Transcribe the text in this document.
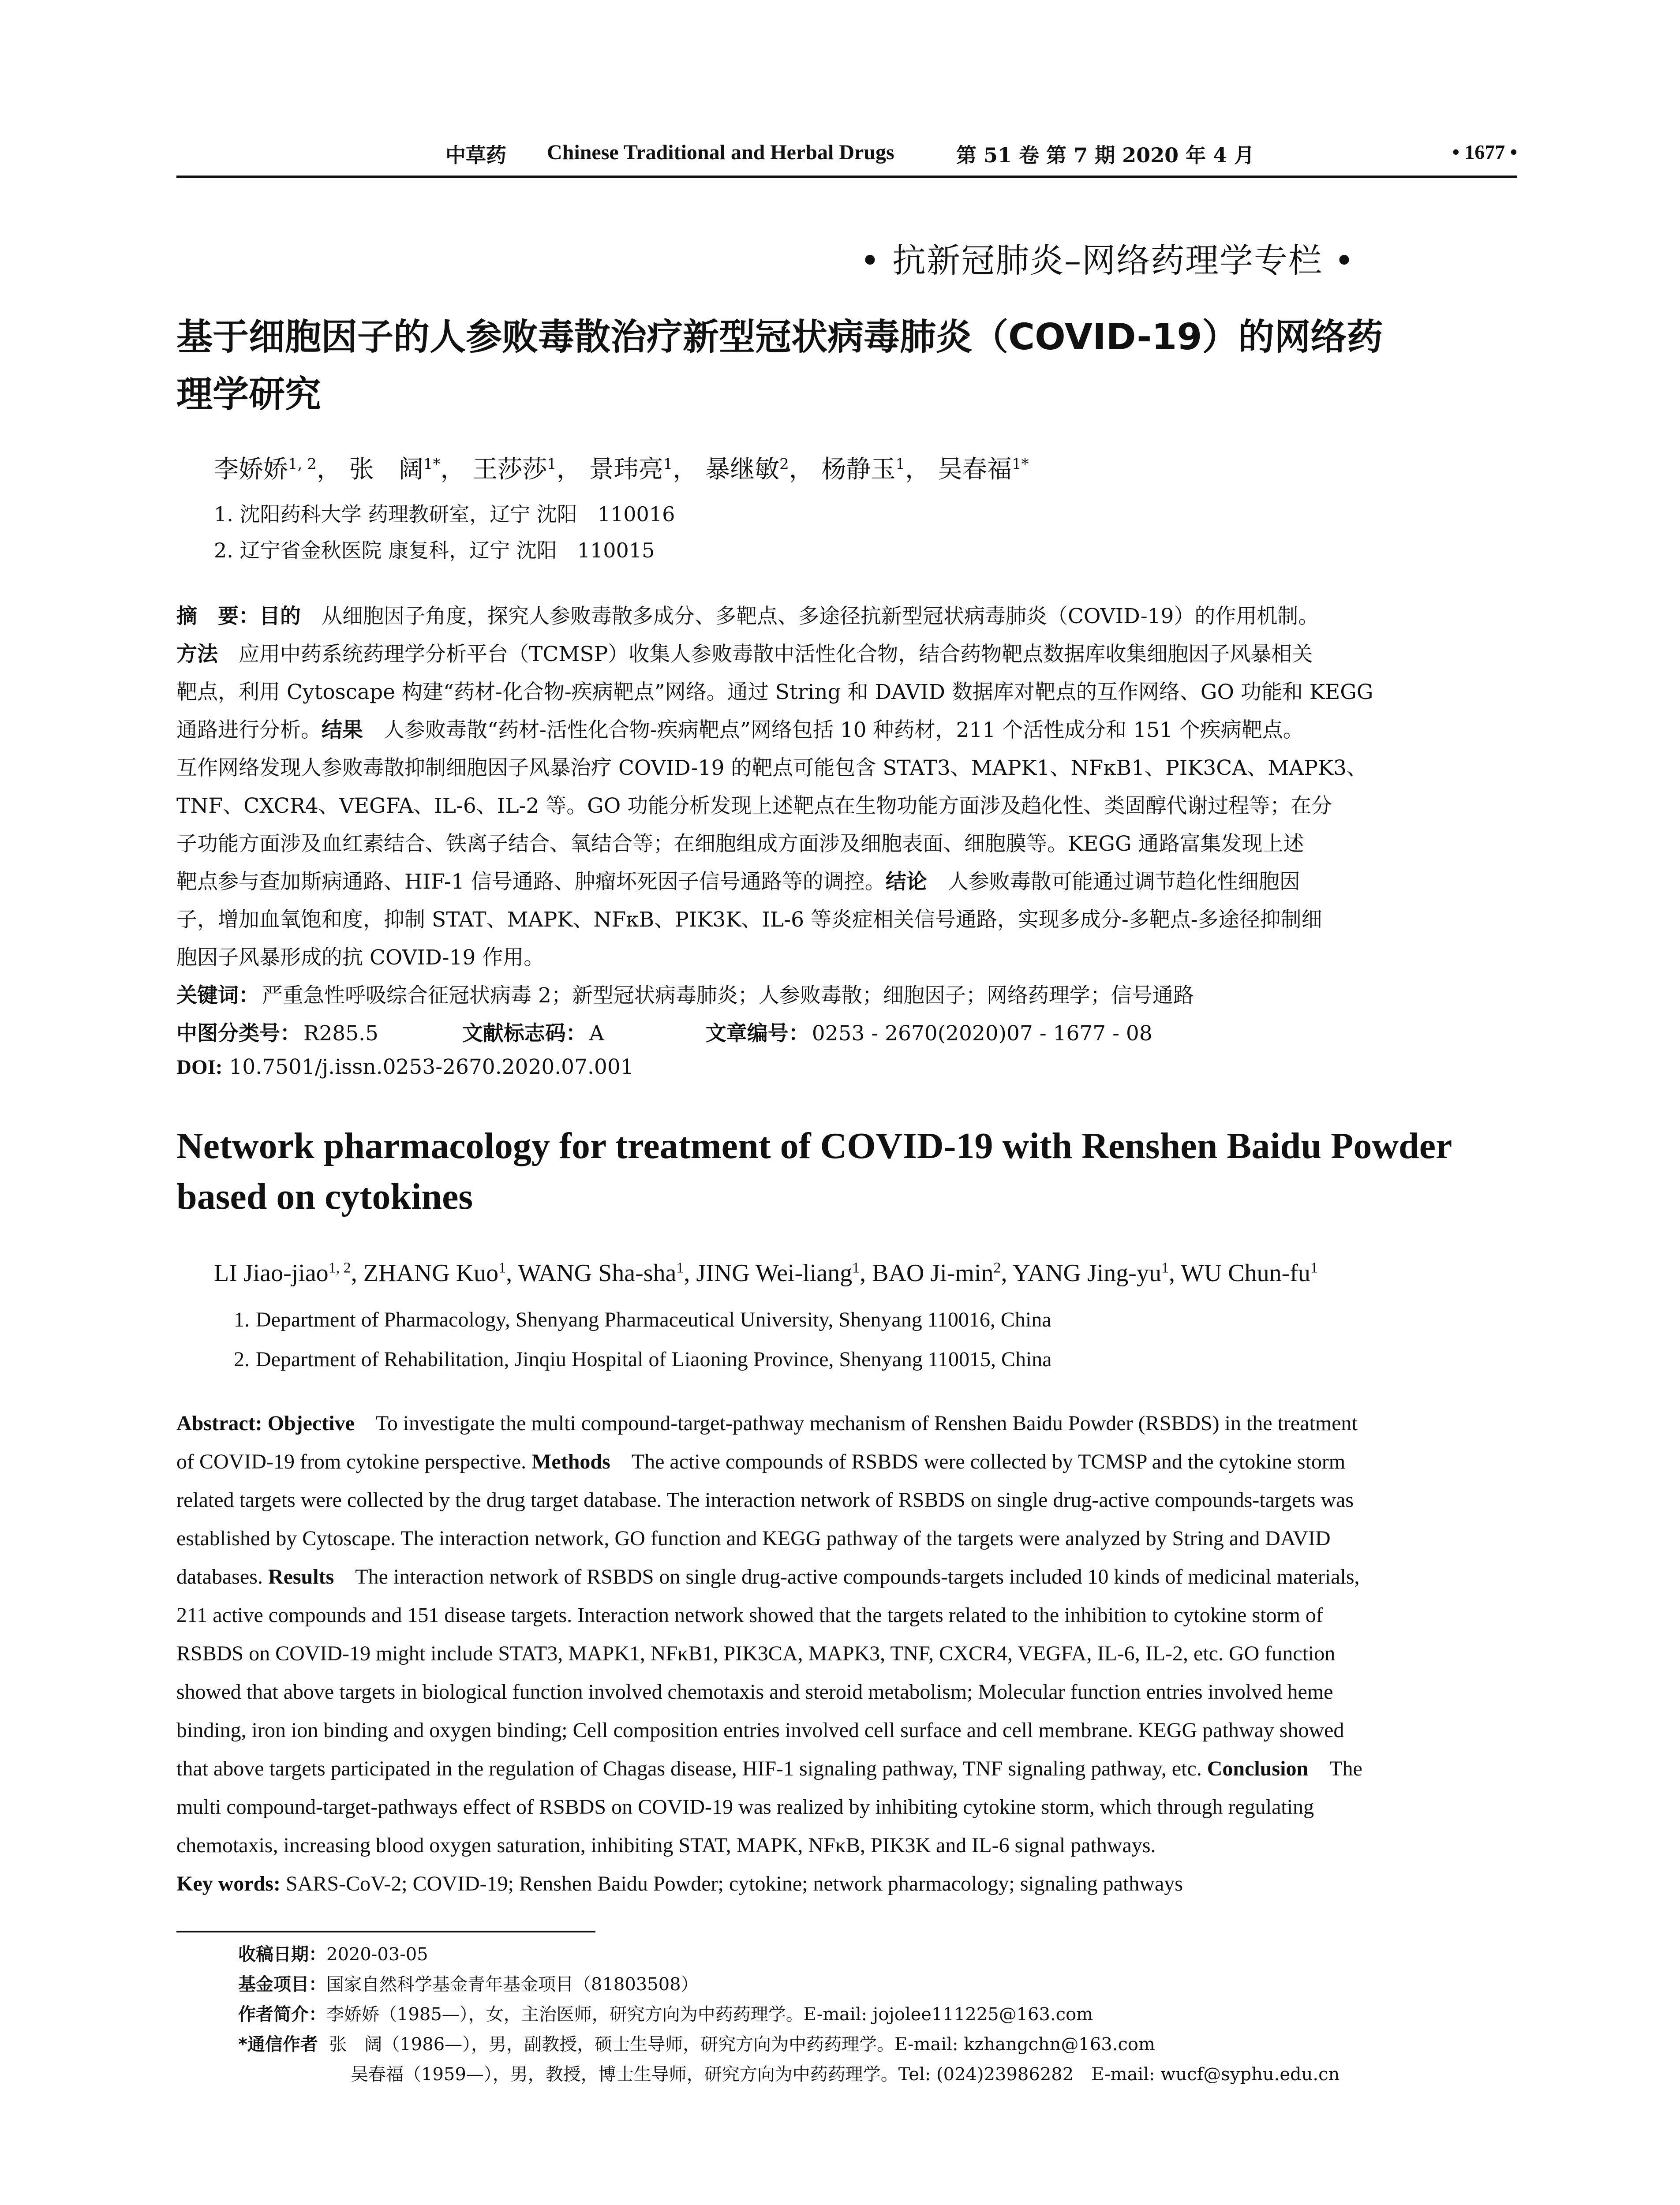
中草药 Chinese Traditional and Herbal Drugs	第 51 卷 第 7 期 2020 年 4 月	• 1677 •
• 抗新冠肺炎–网络药理学专栏 •
基于细胞因子的人参败毒散治疗新型冠状病毒肺炎（COVID-19）的网络药
理学研究
李娇娇$^{1, 2}$， 张　阔$^{1*}$， 王莎莎$^1$， 景玮亮$^1$， 暴继敏$^2$， 杨静玉$^1$， 吴春福$^{1*}$
1. 沈阳药科大学 药理教研室，辽宁 沈阳　110016
2. 辽宁省金秋医院 康复科，辽宁 沈阳　110015
摘　要：目的　 从细胞因子角度，探究人参败毒散多成分、多靶点、多途径抗新型冠状病毒肺炎（COVID-19）的作用机制。
方法　 应用中药系统药理学分析平台（TCMSP）收集人参败毒散中活性化合物，结合药物靶点数据库收集细胞因子风暴相关
靶点，利用 Cytoscape 构建“药材-化合物-疾病靶点”网络。通过 String 和 DAVID 数据库对靶点的互作网络、GO 功能和 KEGG
通路进行分析。结果　 人参败毒散“药材-活性化合物-疾病靶点”网络包括 10 种药材，211 个活性成分和 151 个疾病靶点。
互作网络发现人参败毒散抑制细胞因子风暴治疗 COVID-19 的靶点可能包含 STAT3、MAPK1、NFκB1、PIK3CA、MAPK3、
TNF、CXCR4、VEGFA、IL-6、IL-2 等。GO 功能分析发现上述靶点在生物功能方面涉及趋化性、类固醇代谢过程等；在分
子功能方面涉及血红素结合、铁离子结合、氧结合等；在细胞组成方面涉及细胞表面、细胞膜等。KEGG 通路富集发现上述
靶点参与查加斯病通路、HIF-1 信号通路、肿瘤坏死因子信号通路等的调控。结论　 人参败毒散可能通过调节趋化性细胞因
子，增加血氧饱和度，抑制 STAT、MAPK、NFκB、PIK3K、IL-6 等炎症相关信号通路，实现多成分-多靶点-多途径抑制细
胞因子风暴形成的抗 COVID-19 作用。
关键词： 严重急性呼吸综合征冠状病毒 2；新型冠状病毒肺炎；人参败毒散；细胞因子；网络药理学；信号通路
中图分类号： R285.5	文献标志码： A	文章编号： 0253 - 2670(2020)07 - 1677 - 08
DOI: 10.7501/j.issn.0253-2670.2020.07.001
Network pharmacology for treatment of COVID-19 with Renshen Baidu Powder
based on cytokines
LI Jiao-jiao$^{1, 2}$, ZHANG Kuo$^1$, WANG Sha-sha$^1$, JING Wei-liang$^1$, BAO $Ji-\min^2$, YANG Jing-$yu^1$, WU Chun-$fu^1$
1. Department of Pharmacology, Shenyang Pharmaceutical University, Shenyang 110016, China
2. Department of Rehabilitation, Jinqiu Hospital of Liaoning Province, Shenyang 110015, China
Abstract: Objective To investigate the multi compound-target-pathway mechanism of Renshen Baidu Powder (RSBDS) in the treatment
of COVID-19 from cytokine perspective. Methods The active compounds of RSBDS were collected by TCMSP and the cytokine storm
related targets were collected by the drug target database. The interaction network of RSBDS on single drug-active compounds-targets was
established by Cytoscape. The interaction network, GO function and KEGG pathway of the targets were analyzed by String and DAVID
databases. Results The interaction network of RSBDS on single drug-active compounds-targets included 10 kinds of medicinal materials,
211 active compounds and 151 disease targets. Interaction network showed that the targets related to the inhibition to cytokine storm of
RSBDS on COVID-19 might include STAT3, MAPK1, NFκB1, PIK3CA, MAPK3, TNF, CXCR4, VEGFA, IL-6, IL-2, etc. GO function
showed that above targets in biological function involved chemotaxis and steroid metabolism; Molecular function entries involved heme
binding, iron ion binding and oxygen binding; Cell composition entries involved cell surface and cell membrane. KEGG pathway showed
that above targets participated in the regulation of Chagas disease, HIF-1 signaling pathway, TNF signaling pathway, etc. Conclusion The
multi compound-target-pathways effect of RSBDS on COVID-19 was realized by inhibiting cytokine storm, which through regulating
chemotaxis, increasing blood oxygen saturation, inhibiting STAT, MAPK, NFκB, PIK3K and IL-6 signal pathways.
Key words: SARS-CoV-2; COVID-19; Renshen Baidu Powder; cytokine; network pharmacology; signaling pathways
收稿日期：2020-03-05
基金项目：国家自然科学基金青年基金项目（81803508）
作者简介：李娇娇（1985—），女，主治医师，研究方向为中药药理学。E-mail: jojolee111225@163.com
*通信作者 张　阔（1986—），男，副教授，硕士生导师，研究方向为中药药理学。E-mail: kzhangchn@163.com
吴春福（1959—），男，教授，博士生导师，研究方向为中药药理学。Tel: (024)23986282　E-mail: wucf@syphu.edu.cn
